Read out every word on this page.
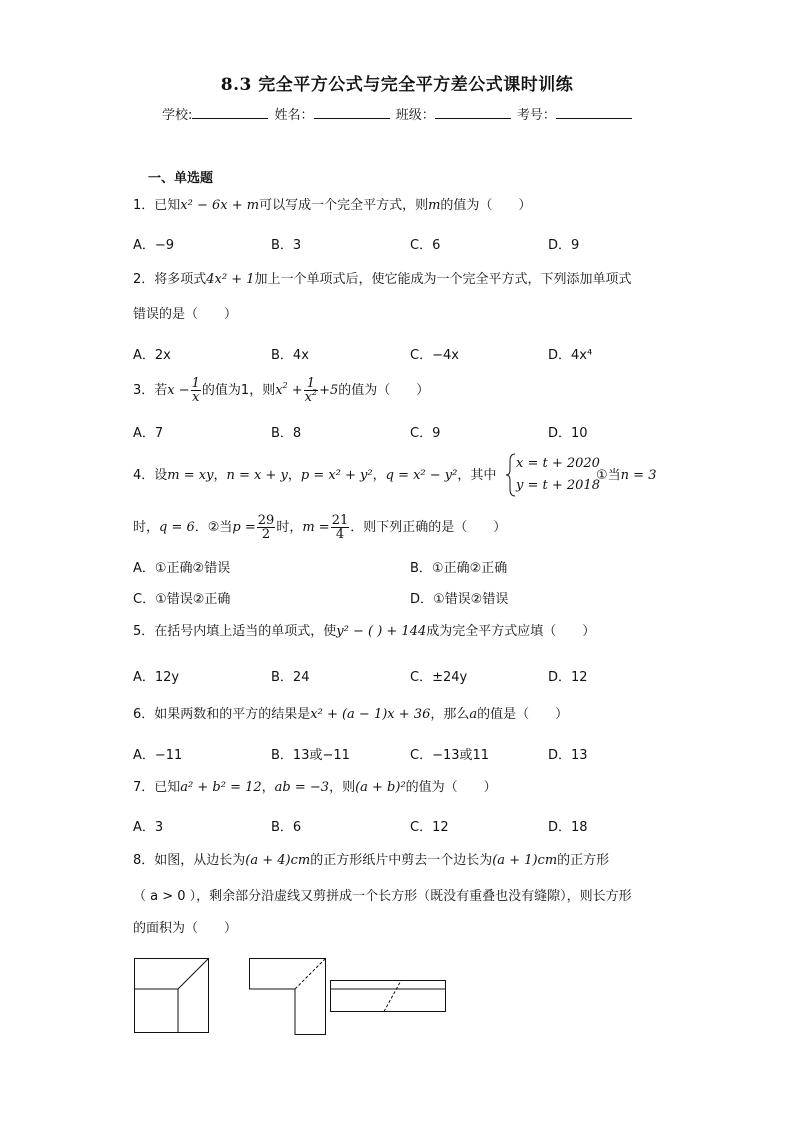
8.3 完全平方公式与完全平方差公式课时训练
学校:	姓名：	班级：	考号：
一、单选题
1．已知x² − 6x + m可以写成一个完全平方式，则m的值为（　　）
A．−9	B．3	C．6	D．9
2．将多项式4x² + 1加上一个单项式后，使它能成为一个完全平方式，下列添加单项式
错误的是（　　）
A．2x	B．4x	C．−4x	D．4x⁴
3．若$x - \frac{1}{x}$ 的值为1，则$x^2 + \frac{1}{x^2} +5$的值为（　　）
A．7	B．8	C．9	D．10
4．设m = xy，n = x + y，p = x² + y²，q = x² − y²，其中
x = t + 2020
y = t + 2018
①当n = 3
时，q = 6．②当$p = \frac{29}{2}$ 时，$m = \frac{21}{4}$ ．则下列正确的是（　　）
A．①正确②错误	B．①正确②正确
C．①错误②正确	D．①错误②错误
5．在括号内填上适当的单项式，使y² − ( ) + 144成为完全平方式应填（　　）
A．12y	B．24	C．±24y	D．12
6．如果两数和的平方的结果是x² + (a − 1)x + 36，那么a的值是（　　）
A．−11	B．13或−11	C．−13或11	D．13
7．已知a² + b² = 12，ab = −3，则(a + b)²的值为（　　）
A．3	B．6	C．12	D．18
8．如图，从边长为(a + 4)cm的正方形纸片中剪去一个边长为(a + 1)cm的正方形
（ a > 0 ），剩余部分沿虚线又剪拼成一个长方形（既没有重叠也没有缝隙），则长方形
的面积为（　　）
